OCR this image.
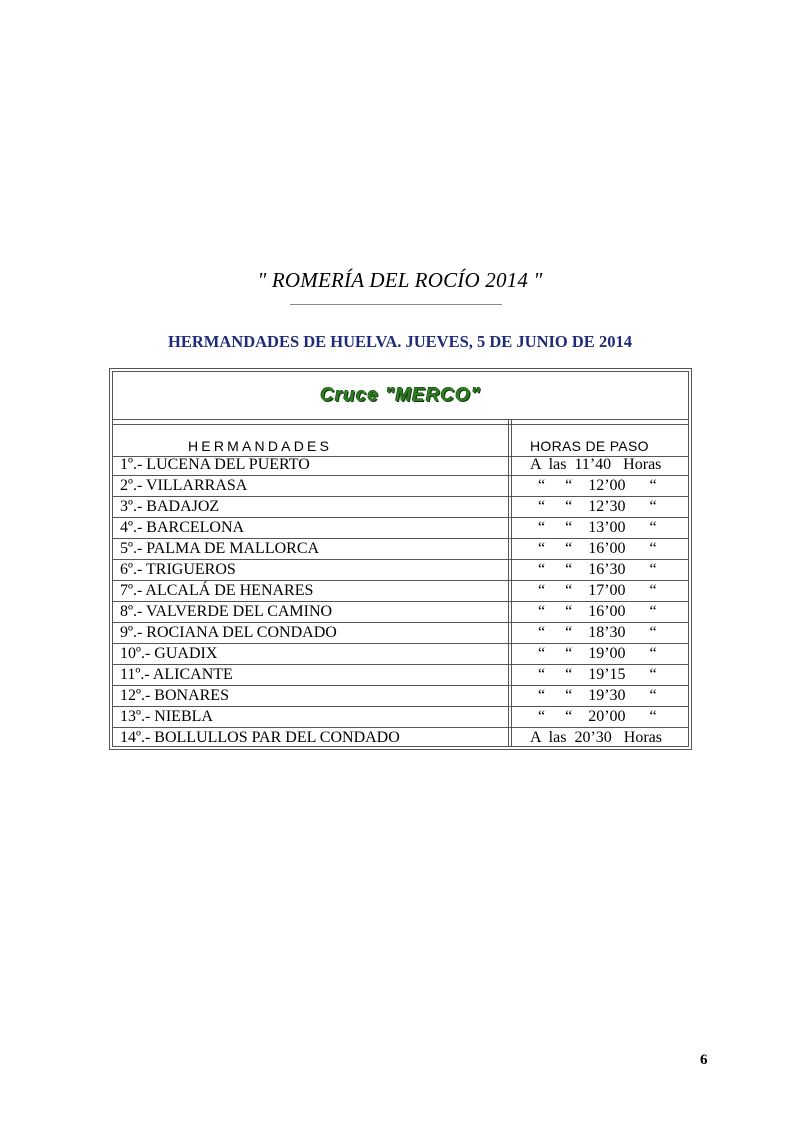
" ROMERÍA DEL ROCÍO 2014 "
HERMANDADES DE HUELVA. JUEVES, 5 DE JUNIO DE 2014
Cruce "MERCO"
HERMANDADES	HORAS DE PASO
1º.- LUCENA DEL PUERTO	A  las  11’40   Horas
2º.- VILLARRASA	“     “    12’00      “
3º.- BADAJOZ	“     “    12’30      “
4º.- BARCELONA	“     “    13’00      “
5º.- PALMA DE MALLORCA	“     “    16’00      “
6º.- TRIGUEROS	“     “    16’30      “
7º.- ALCALÁ DE HENARES	“     “    17’00      “
8º.- VALVERDE DEL CAMINO	“     “    16’00      “
9º.- ROCIANA DEL CONDADO	“     “    18’30      “
10º.- GUADIX	“     “    19’00      “
11º.- ALICANTE	“     “    19’15      “
12º.- BONARES	“     “    19’30      “
13º.- NIEBLA	“     “    20’00      “
14º.- BOLLULLOS PAR DEL CONDADO	A  las  20’30   Horas
6
